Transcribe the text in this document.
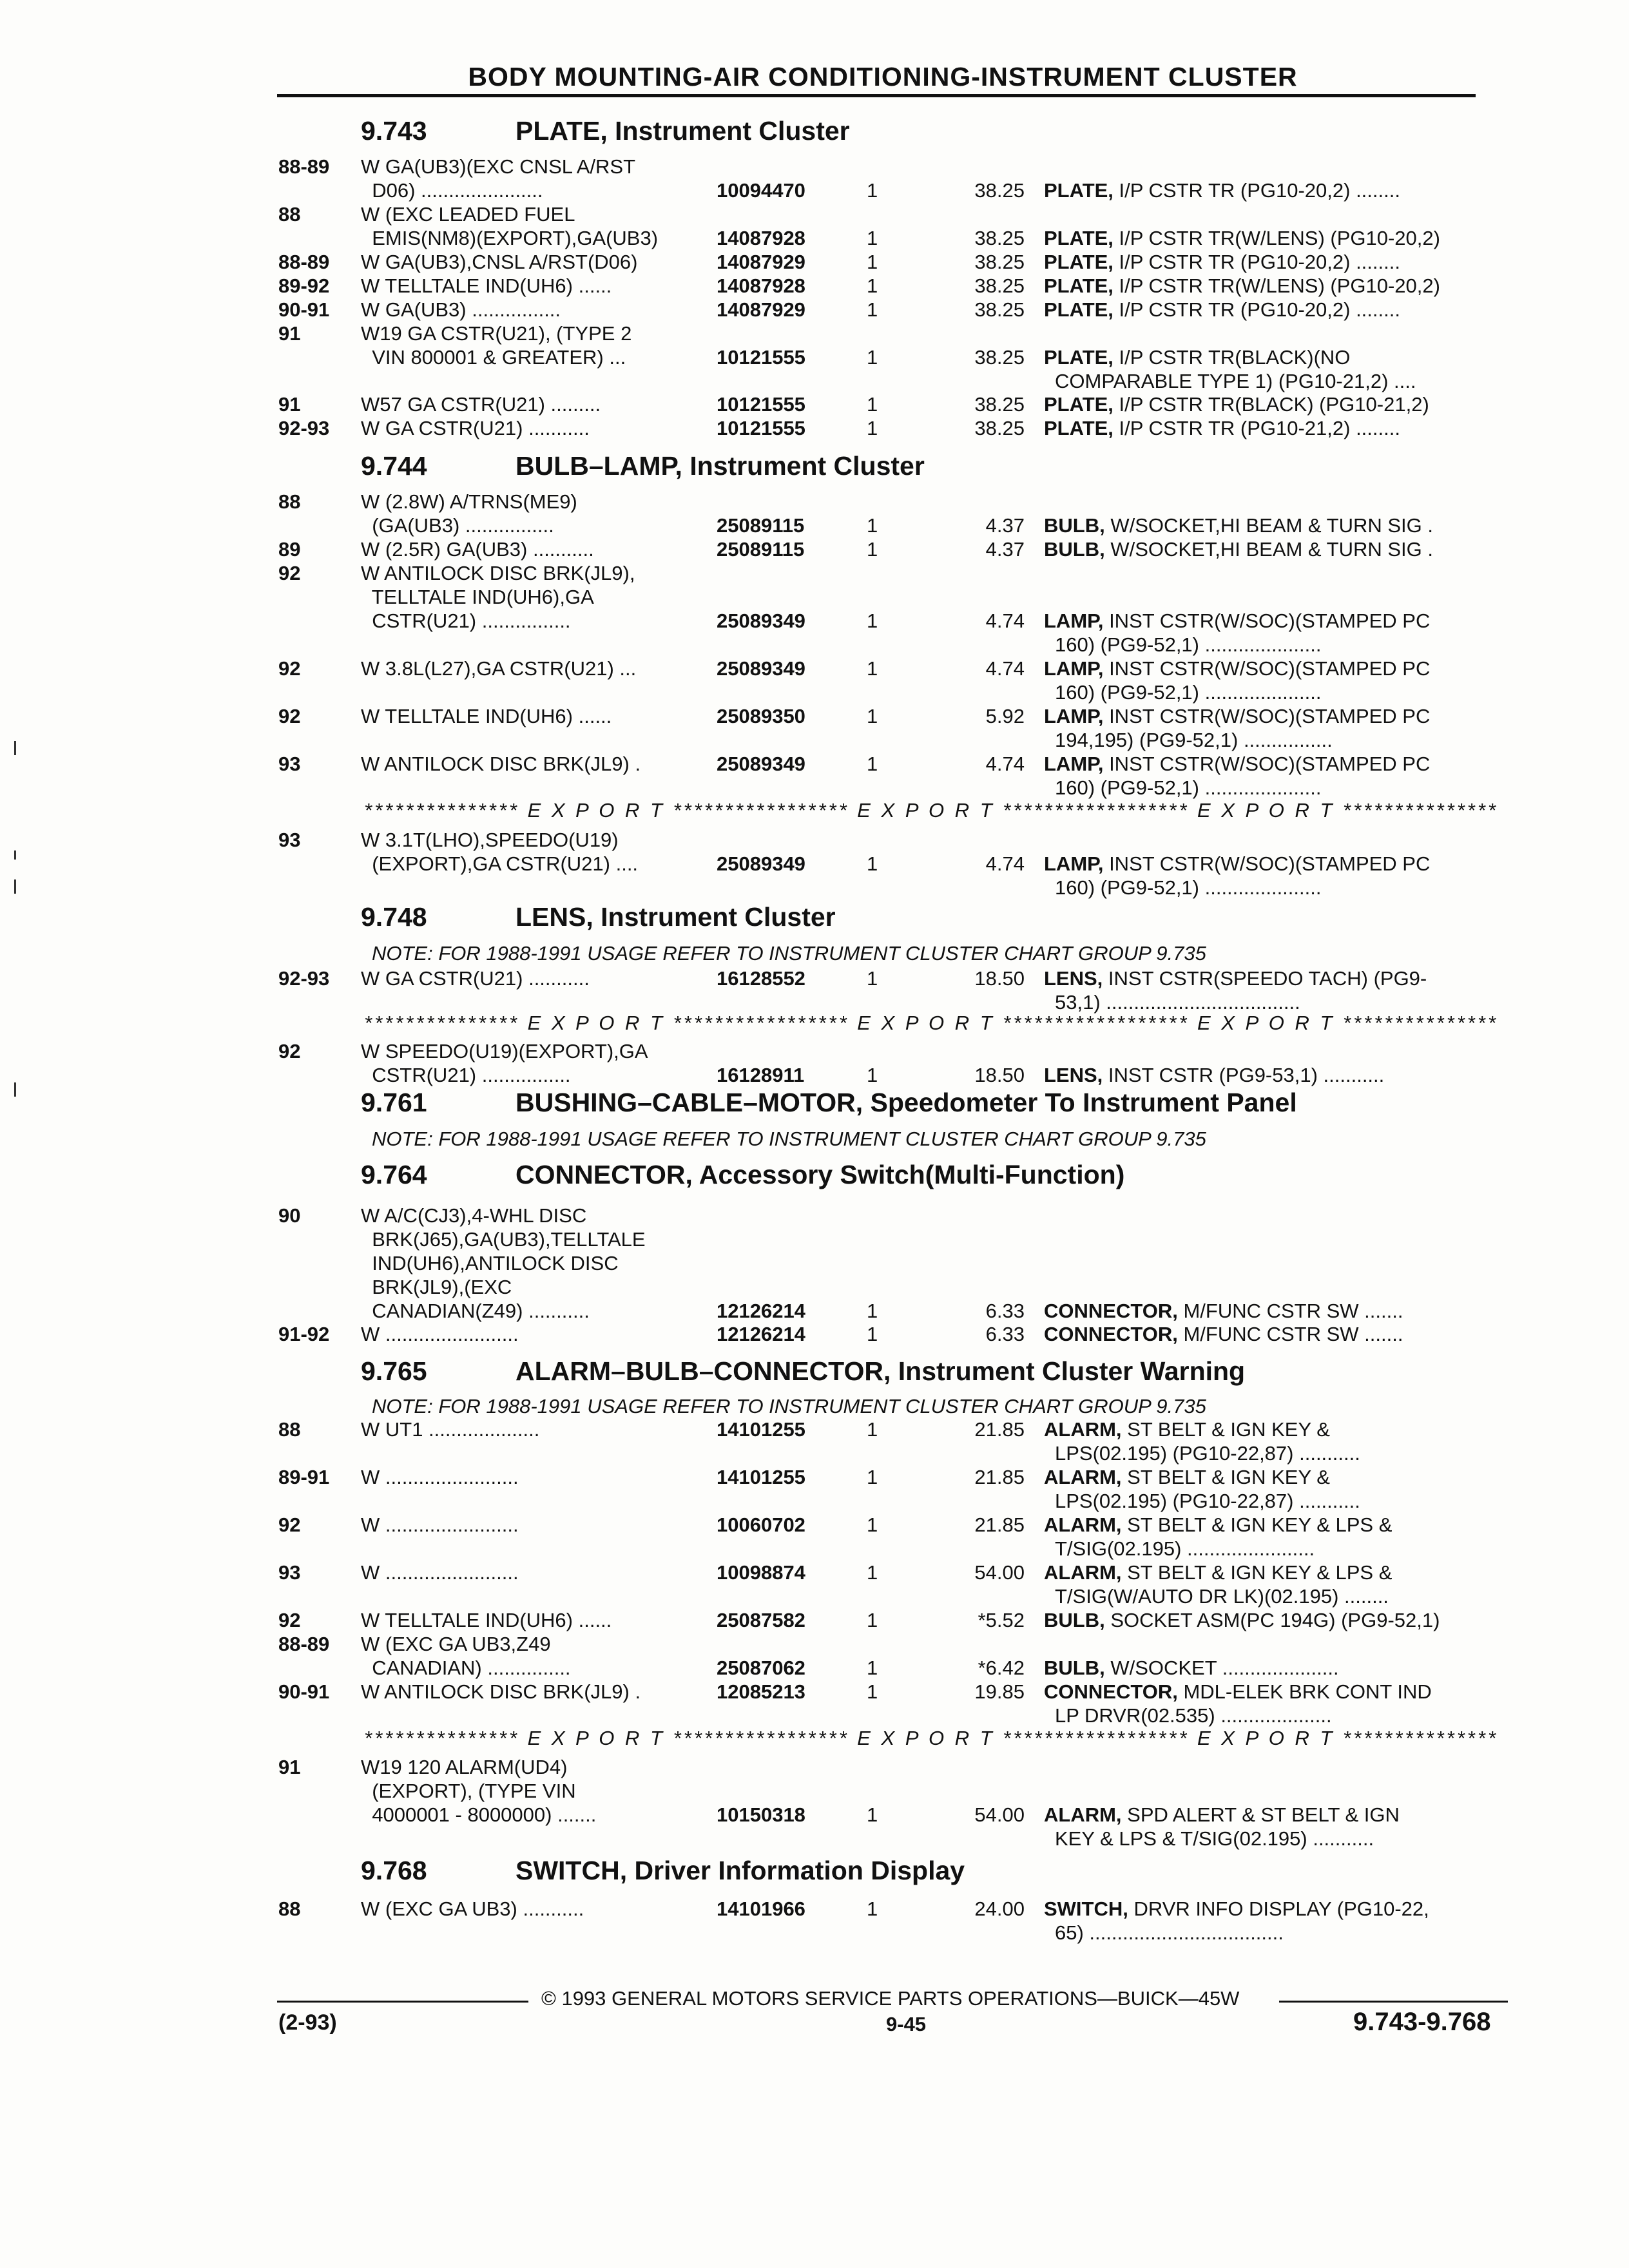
BODY MOUNTING-AIR CONDITIONING-INSTRUMENT CLUSTER
9.743	PLATE, Instrument Cluster
88-89 W GA(UB3)(EXC CNSL A/RST
D06) ......................	10094470	1	38.25 PLATE, I/P CSTR TR (PG10-20,2) ........
88	W (EXC LEADED FUEL
EMIS(NM8)(EXPORT),GA(UB3)	14087928	1	38.25 PLATE, I/P CSTR TR(W/LENS) (PG10-20,2)
88-89 W GA(UB3),CNSL A/RST(D06)	14087929	1	38.25 PLATE, I/P CSTR TR (PG10-20,2) ........
89-92 W TELLTALE IND(UH6) ......	14087928	1	38.25 PLATE, I/P CSTR TR(W/LENS) (PG10-20,2)
90-91 W GA(UB3) ................	14087929	1	38.25 PLATE, I/P CSTR TR (PG10-20,2) ........
91	W19 GA CSTR(U21), (TYPE 2
VIN 800001 & GREATER) ...	10121555	1	38.25 PLATE, I/P CSTR TR(BLACK)(NO
COMPARABLE TYPE 1) (PG10-21,2) ....
91	W57 GA CSTR(U21) .........	10121555	1	38.25 PLATE, I/P CSTR TR(BLACK) (PG10-21,2)
92-93 W GA CSTR(U21) ...........	10121555	1	38.25 PLATE, I/P CSTR TR (PG10-21,2) ........
9.744	BULB–LAMP, Instrument Cluster
88	W (2.8W) A/TRNS(ME9)
(GA(UB3) ................	25089115	1	4.37 BULB, W/SOCKET,HI BEAM & TURN SIG .
89	W (2.5R) GA(UB3) ...........	25089115	1	4.37 BULB, W/SOCKET,HI BEAM & TURN SIG .
92	W ANTILOCK DISC BRK(JL9),
TELLTALE IND(UH6),GA
CSTR(U21) ................	25089349	1	4.74 LAMP, INST CSTR(W/SOC)(STAMPED PC
160) (PG9-52,1) .....................
92	W 3.8L(L27),GA CSTR(U21) ...	25089349	1	4.74 LAMP, INST CSTR(W/SOC)(STAMPED PC
160) (PG9-52,1) .....................
92	W TELLTALE IND(UH6) ......	25089350	1	5.92 LAMP, INST CSTR(W/SOC)(STAMPED PC
194,195) (PG9-52,1) ................
93	W ANTILOCK DISC BRK(JL9) .	25089349	1	4.74 LAMP, INST CSTR(W/SOC)(STAMPED PC
160) (PG9-52,1) .....................
*************** E X P O R T ***************** E X P O R T ****************** E X P O R T ***************
93	W 3.1T(LHO),SPEEDO(U19)
(EXPORT),GA CSTR(U21) ....	25089349	1	4.74 LAMP, INST CSTR(W/SOC)(STAMPED PC
160) (PG9-52,1) .....................
9.748	LENS, Instrument Cluster
NOTE: FOR 1988-1991 USAGE REFER TO INSTRUMENT CLUSTER CHART GROUP 9.735
92-93 W GA CSTR(U21) ...........	16128552	1	18.50 LENS, INST CSTR(SPEEDO TACH) (PG9-
53,1) ...................................
*************** E X P O R T ***************** E X P O R T ****************** E X P O R T ***************
92	W SPEEDO(U19)(EXPORT),GA
CSTR(U21) ................	16128911	1	18.50 LENS, INST CSTR (PG9-53,1) ...........
9.761	BUSHING–CABLE–MOTOR, Speedometer To Instrument Panel
NOTE: FOR 1988-1991 USAGE REFER TO INSTRUMENT CLUSTER CHART GROUP 9.735
9.764	CONNECTOR, Accessory Switch(Multi-Function)
90	W A/C(CJ3),4-WHL DISC
BRK(J65),GA(UB3),TELLTALE
IND(UH6),ANTILOCK DISC
BRK(JL9),(EXC
CANADIAN(Z49) ...........	12126214	1	6.33 CONNECTOR, M/FUNC CSTR SW .......
91-92 W ........................	12126214	1	6.33 CONNECTOR, M/FUNC CSTR SW .......
9.765	ALARM–BULB–CONNECTOR, Instrument Cluster Warning
NOTE: FOR 1988-1991 USAGE REFER TO INSTRUMENT CLUSTER CHART GROUP 9.735
88	W UT1 ....................	14101255	1	21.85 ALARM, ST BELT & IGN KEY &
LPS(02.195) (PG10-22,87) ...........
89-91 W ........................	14101255	1	21.85 ALARM, ST BELT & IGN KEY &
LPS(02.195) (PG10-22,87) ...........
92	W ........................	10060702	1	21.85 ALARM, ST BELT & IGN KEY & LPS &
T/SIG(02.195) .......................
93	W ........................	10098874	1	54.00 ALARM, ST BELT & IGN KEY & LPS &
T/SIG(W/AUTO DR LK)(02.195) ........
92	W TELLTALE IND(UH6) ......	25087582	1	*5.52 BULB, SOCKET ASM(PC 194G) (PG9-52,1)
88-89 W (EXC GA UB3,Z49
CANADIAN) ...............	25087062	1	*6.42 BULB, W/SOCKET .....................
90-91 W ANTILOCK DISC BRK(JL9) .	12085213	1	19.85 CONNECTOR, MDL-ELEK BRK CONT IND
LP DRVR(02.535) ....................
*************** E X P O R T ***************** E X P O R T ****************** E X P O R T ***************
91	W19 120 ALARM(UD4)
(EXPORT), (TYPE VIN
4000001 - 8000000) .......	10150318	1	54.00 ALARM, SPD ALERT & ST BELT & IGN
KEY & LPS & T/SIG(02.195) ...........
9.768	SWITCH, Driver Information Display
88	W (EXC GA UB3) ...........	14101966	1	24.00 SWITCH, DRVR INFO DISPLAY (PG10-22,
65) ...................................
© 1993 GENERAL MOTORS SERVICE PARTS OPERATIONS—BUICK—45W
(2-93)	9-45	9.743-9.768
